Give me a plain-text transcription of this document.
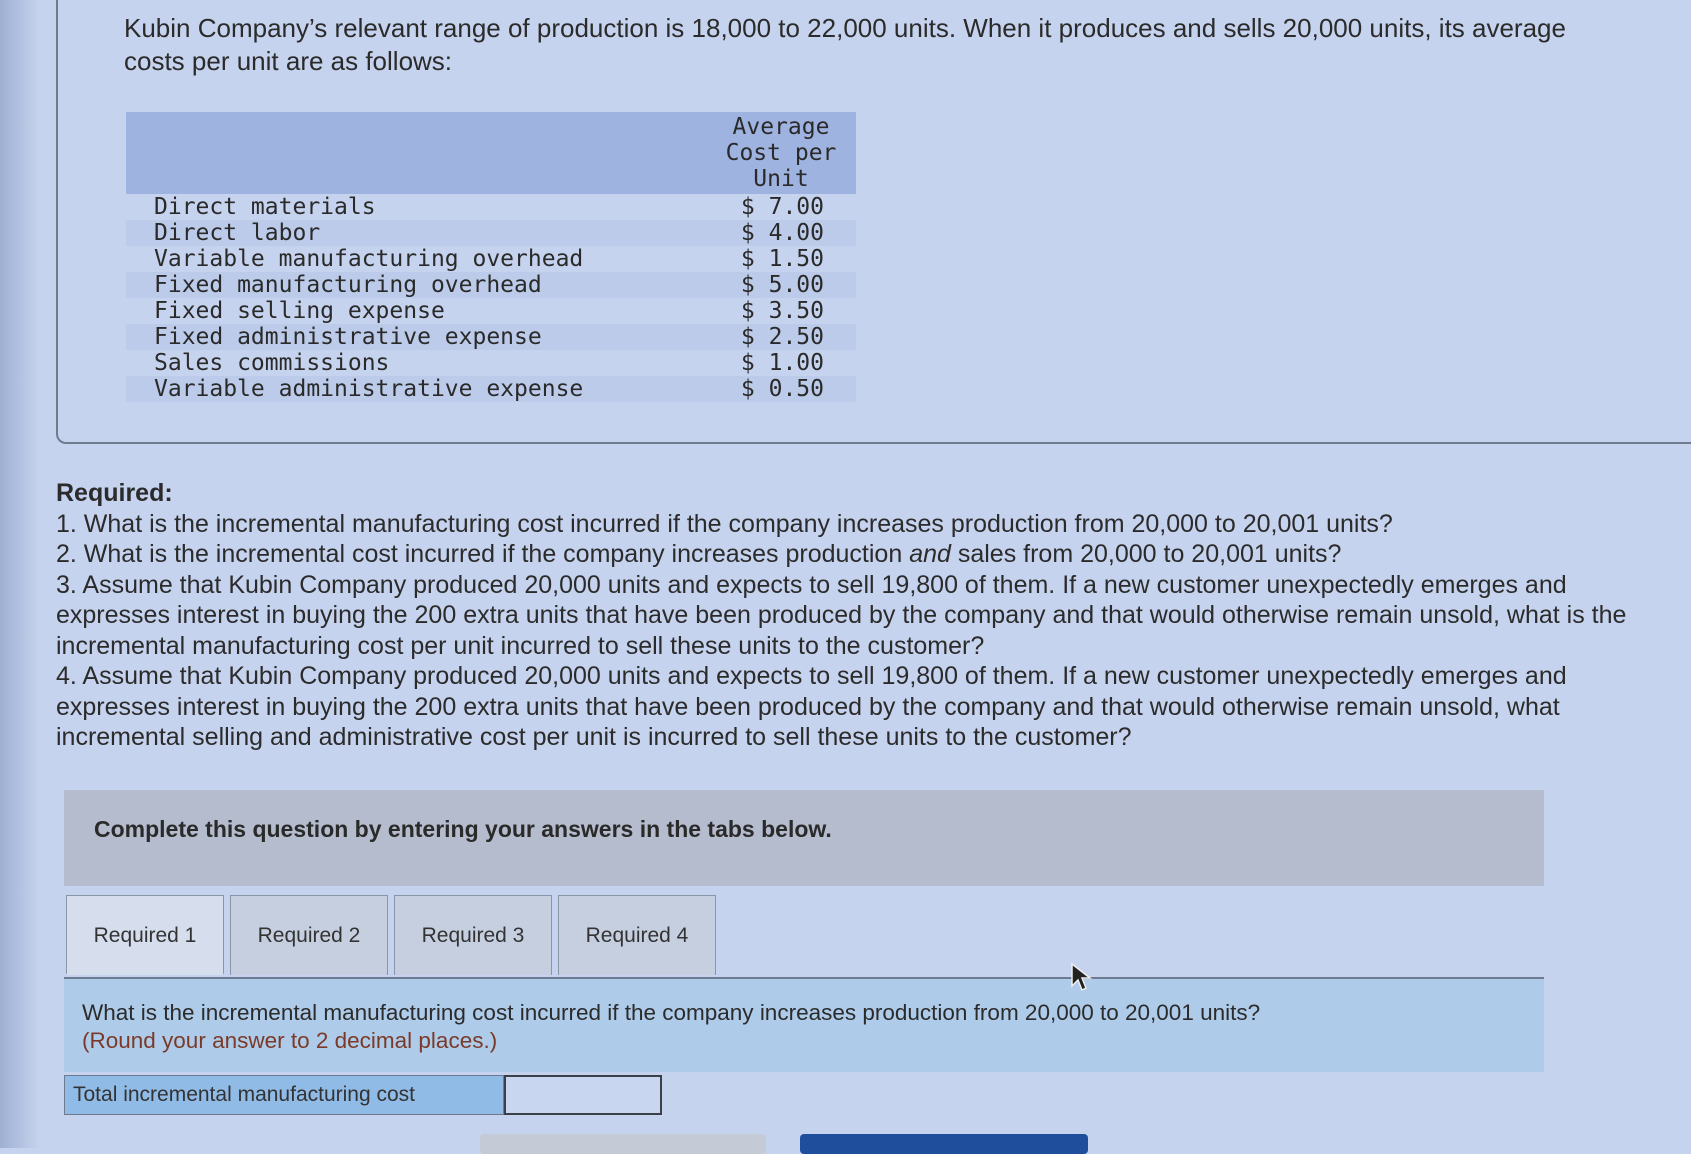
Kubin Company’s relevant range of production is 18,000 to 22,000 units. When it produces and sells 20,000 units, its average costs per unit are as follows:

	Average
Cost per
Unit

Direct materials	$ 7.00
Direct labor	$ 4.00
Variable manufacturing overhead	$ 1.50
Fixed manufacturing overhead	$ 5.00
Fixed selling expense	$ 3.50
Fixed administrative expense	$ 2.50
Sales commissions	$ 1.00
Variable administrative expense	$ 0.50
Required:

1. What is the incremental manufacturing cost incurred if the company increases production from 20,000 to 20,001 units?

2. What is the incremental cost incurred if the company increases production and sales from 20,000 to 20,001 units?

3. Assume that Kubin Company produced 20,000 units and expects to sell 19,800 of them. If a new customer unexpectedly emerges and expresses interest in buying the 200 extra units that have been produced by the company and that would otherwise remain unsold, what is the incremental manufacturing cost per unit incurred to sell these units to the customer?

4. Assume that Kubin Company produced 20,000 units and expects to sell 19,800 of them. If a new customer unexpectedly emerges and expresses interest in buying the 200 extra units that have been produced by the company and that would otherwise remain unsold, what incremental selling and administrative cost per unit is incurred to sell these units to the customer?

Complete this question by entering your answers in the tabs below.
Required 1	Required 2	Required 3	Required 4
What is the incremental manufacturing cost incurred if the company increases production from 20,000 to 20,001 units?
(Round your answer to 2 decimal places.)
Total incremental manufacturing cost
